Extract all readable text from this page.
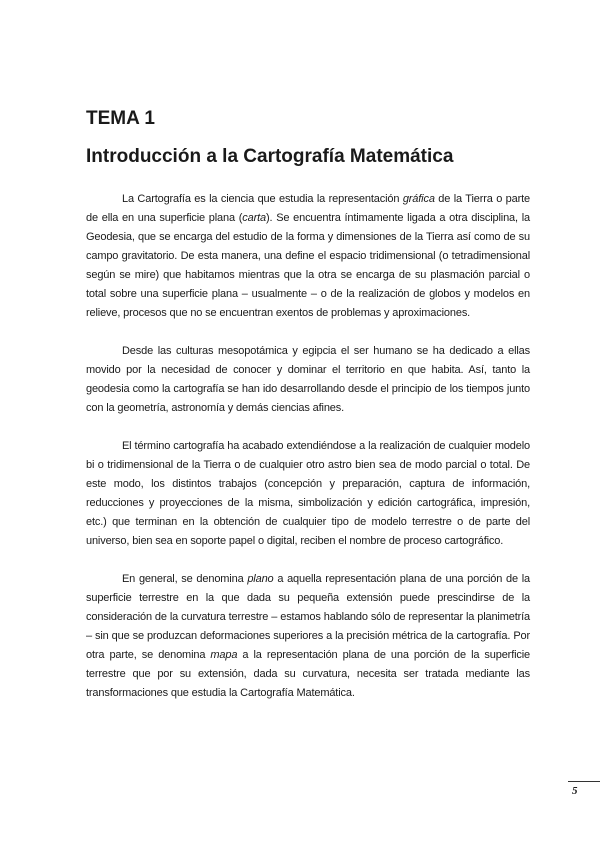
TEMA 1
Introducción a la Cartografía Matemática

La Cartografía es la ciencia que estudia la representación gráfica de la Tierra o parte de ella en una superficie plana (carta). Se encuentra íntimamente ligada a otra disciplina, la Geodesia, que se encarga del estudio de la forma y dimensiones de la Tierra así como de su campo gravitatorio. De esta manera, una define el espacio tridimensional (o tetradimensional según se mire) que habitamos mientras que la otra se encarga de su plasmación parcial o total sobre una superficie plana – usualmente – o de la realización de globos y modelos en relieve, procesos que no se encuentran exentos de problemas y aproximaciones.

Desde las culturas mesopotámica y egipcia el ser humano se ha dedicado a ellas movido por la necesidad de conocer y dominar el territorio en que habita. Así, tanto la geodesia como la cartografía se han ido desarrollando desde el principio de los tiempos junto con la geometría, astronomía y demás ciencias afines.

El término cartografía ha acabado extendiéndose a la realización de cualquier modelo bi o tridimensional de la Tierra o de cualquier otro astro bien sea de modo parcial o total. De este modo, los distintos trabajos (concepción y preparación, captura de información, reducciones y proyecciones de la misma, simbolización y edición cartográfica, impresión, etc.) que terminan en la obtención de cualquier tipo de modelo terrestre o de parte del universo, bien sea en soporte papel o digital, reciben el nombre de proceso cartográfico.

En general, se denomina plano a aquella representación plana de una porción de la superficie terrestre en la que dada su pequeña extensión puede prescindirse de la consideración de la curvatura terrestre – estamos hablando sólo de representar la planimetría – sin que se produzcan deformaciones superiores a la precisión métrica de la cartografía. Por otra parte, se denomina mapa a la representación plana de una porción de la superficie terrestre que por su extensión, dada su curvatura, necesita ser tratada mediante las transformaciones que estudia la Cartografía Matemática.

5
